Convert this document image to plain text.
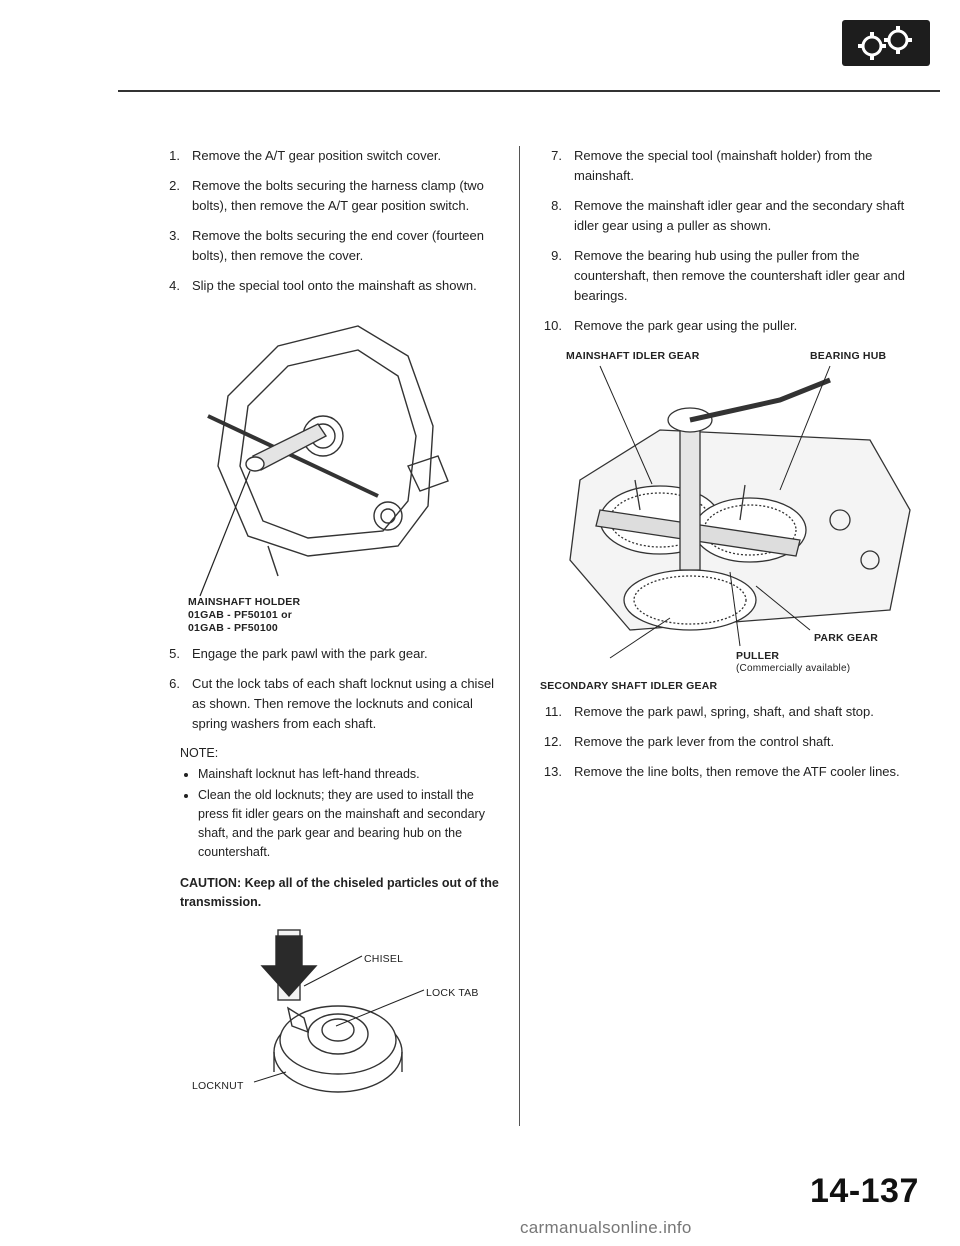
1. Remove the A/T gear position switch cover.
2. Remove the bolts securing the harness clamp (two bolts), then remove the A/T gear position switch.
3. Remove the bolts securing the end cover (fourteen bolts), then remove the cover.
4. Slip the special tool onto the mainshaft as shown.
MAINSHAFT HOLDER
01GAB - PF50101 or
01GAB - PF50100
5. Engage the park pawl with the park gear.
6. Cut the lock tabs of each shaft locknut using a chisel as shown. Then remove the locknuts and conical spring washers from each shaft.
NOTE:
• Mainshaft locknut has left-hand threads.
• Clean the old locknuts; they are used to install the press fit idler gears on the mainshaft and secondary shaft, and the park gear and bearing hub on the countershaft.
CAUTION: Keep all of the chiseled particles out of the transmission.
CHISEL
LOCK TAB
LOCKNUT
7. Remove the special tool (mainshaft holder) from the mainshaft.
8. Remove the mainshaft idler gear and the secondary shaft idler gear using a puller as shown.
9. Remove the bearing hub using the puller from the countershaft, then remove the countershaft idler gear and bearings.
10. Remove the park gear using the puller.
MAINSHAFT IDLER GEAR	BEARING HUB
PARK GEAR
PULLER
(Commercially available)
SECONDARY SHAFT IDLER GEAR
11. Remove the park pawl, spring, shaft, and shaft stop.
12. Remove the park lever from the control shaft.
13. Remove the line bolts, then remove the ATF cooler lines.
14-137
carmanualsonline.info
